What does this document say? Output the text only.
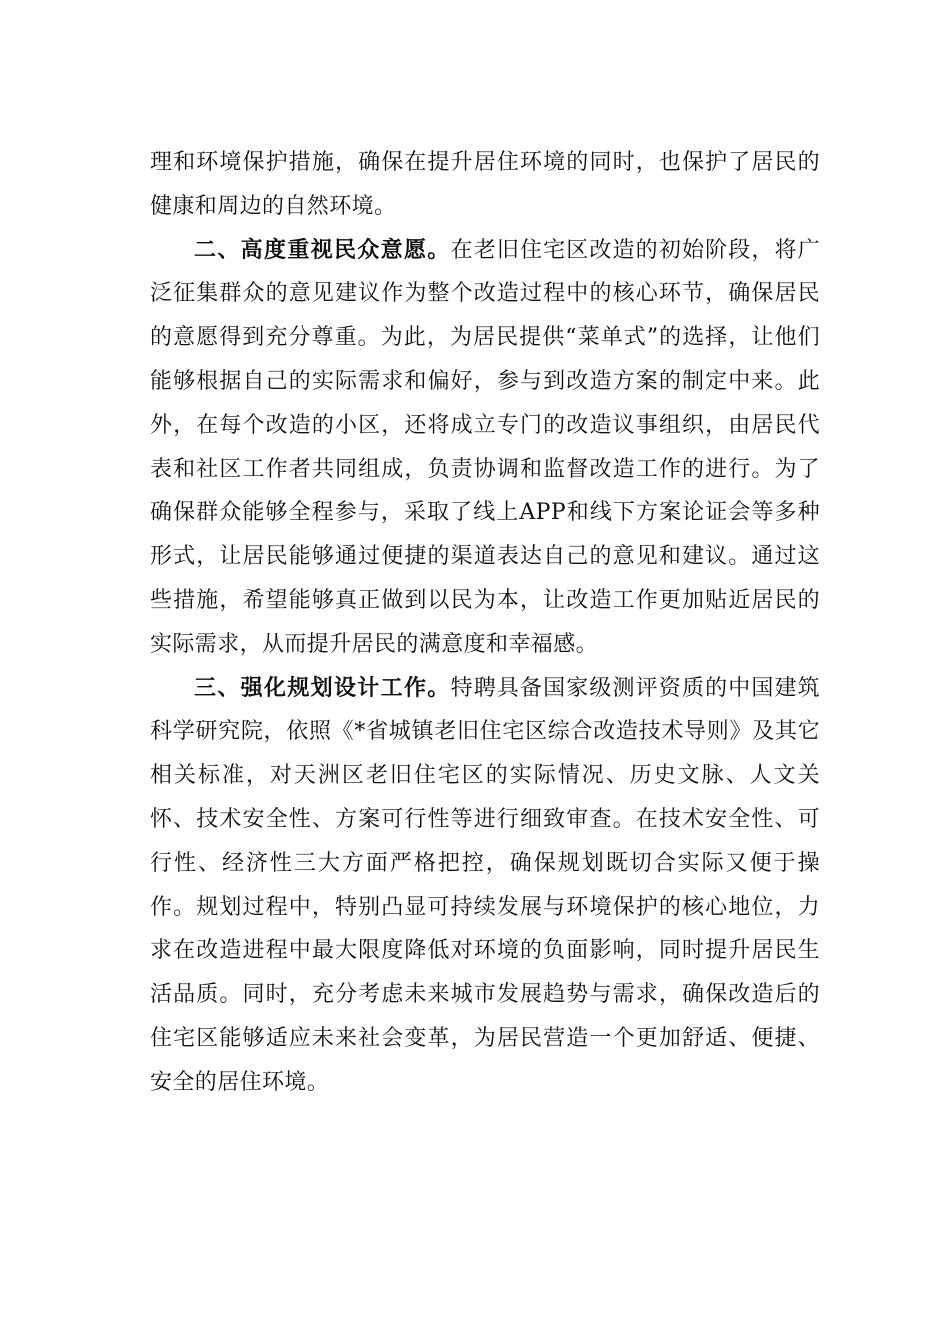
理和环境保护措施，确保在提升居住环境的同时，也保护了居民的健康和周边的自然环境。

二、高度重视民众意愿。在老旧住宅区改造的初始阶段，将广泛征集群众的意见建议作为整个改造过程中的核心环节，确保居民的意愿得到充分尊重。为此，为居民提供“菜单式”的选择，让他们能够根据自己的实际需求和偏好，参与到改造方案的制定中来。此外，在每个改造的小区，还将成立专门的改造议事组织，由居民代表和社区工作者共同组成，负责协调和监督改造工作的进行。为了确保群众能够全程参与，采取了线上APP和线下方案论证会等多种形式，让居民能够通过便捷的渠道表达自己的意见和建议。通过这些措施，希望能够真正做到以民为本，让改造工作更加贴近居民的实际需求，从而提升居民的满意度和幸福感。

三、强化规划设计工作。特聘具备国家级测评资质的中国建筑科学研究院，依照《*省城镇老旧住宅区综合改造技术导则》及其它相关标准，对天洲区老旧住宅区的实际情况、历史文脉、人文关怀、技术安全性、方案可行性等进行细致审查。在技术安全性、可行性、经济性三大方面严格把控，确保规划既切合实际又便于操作。规划过程中，特别凸显可持续发展与环境保护的核心地位，力求在改造进程中最大限度降低对环境的负面影响，同时提升居民生活品质。同时，充分考虑未来城市发展趋势与需求，确保改造后的住宅区能够适应未来社会变革，为居民营造一个更加舒适、便捷、安全的居住环境。
